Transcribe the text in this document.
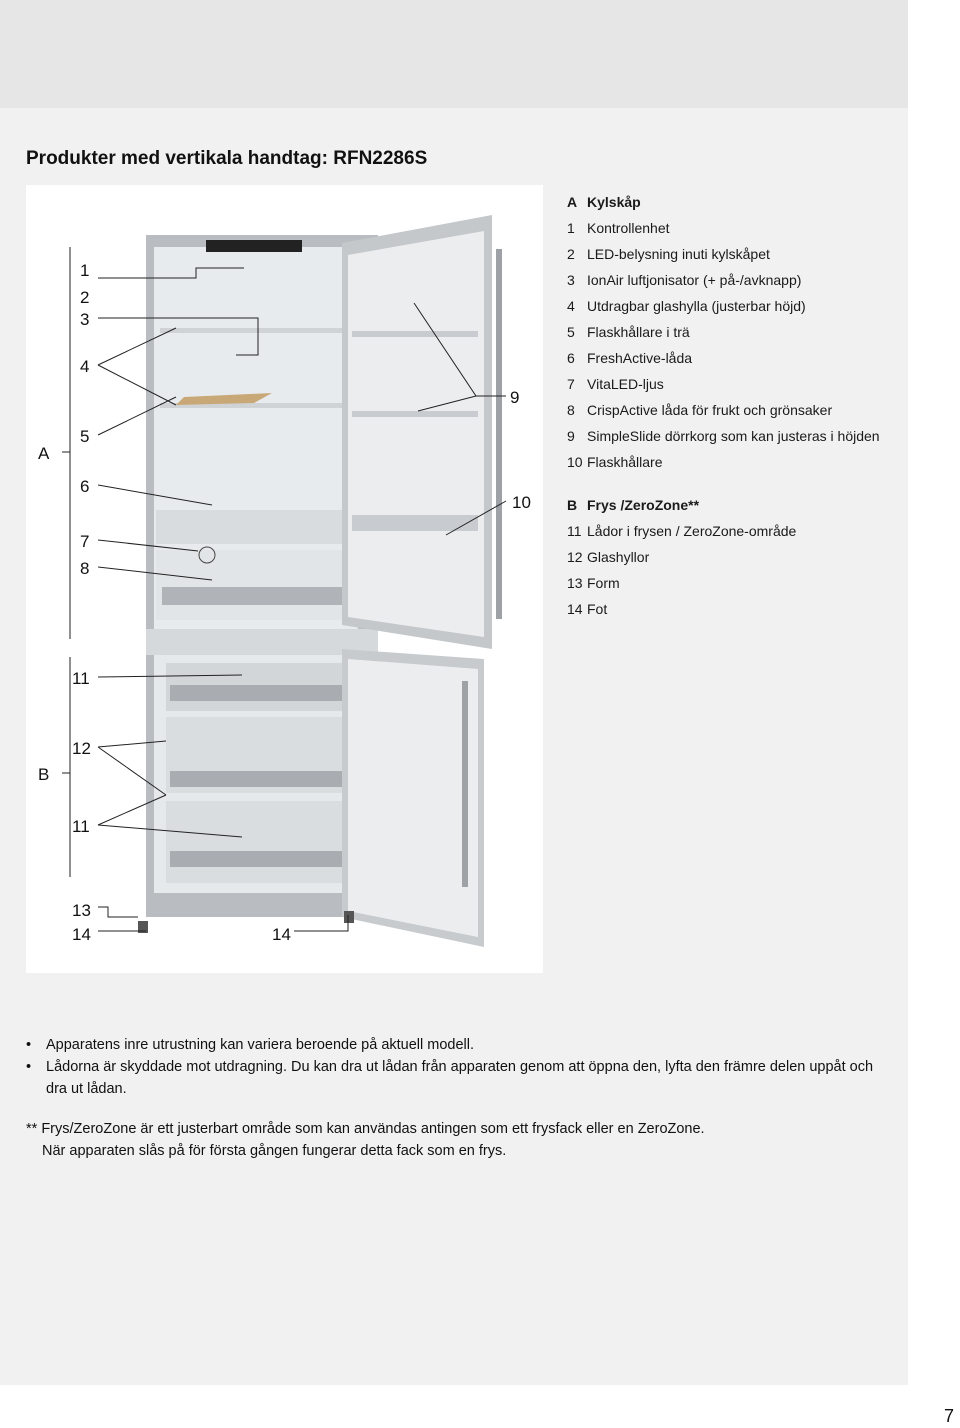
Produkter med vertikala handtag: RFN2286S
A
B
1
2
3
4
5
6
7
8
9
10
11
12
11
13
14	14
A Kylskåp
1 Kontrollenhet
2 LED-belysning inuti kylskåpet
3 IonAir luftjonisator (+ på-/avknapp)
4 Utdragbar glashylla (justerbar höjd)
5 Flaskhållare i trä
6 FreshActive-låda
7 VitaLED-ljus
8 CrispActive låda för frukt och grönsaker
9 SimpleSlide dörrkorg som kan justeras i höjden
10 Flaskhållare
B Frys /ZeroZone**
11 Lådor i frysen / ZeroZone-område
12 Glashyllor
13 Form
14 Fot
•	Apparatens inre utrustning kan variera beroende på aktuell modell.
•	Lådorna är skyddade mot utdragning. Du kan dra ut lådan från apparaten genom att öppna den, lyfta den främre delen uppåt och dra ut lådan.
** Frys/ZeroZone är ett justerbart område som kan användas antingen som ett frysfack eller en ZeroZone.
När apparaten slås på för första gången fungerar detta fack som en frys.
7
